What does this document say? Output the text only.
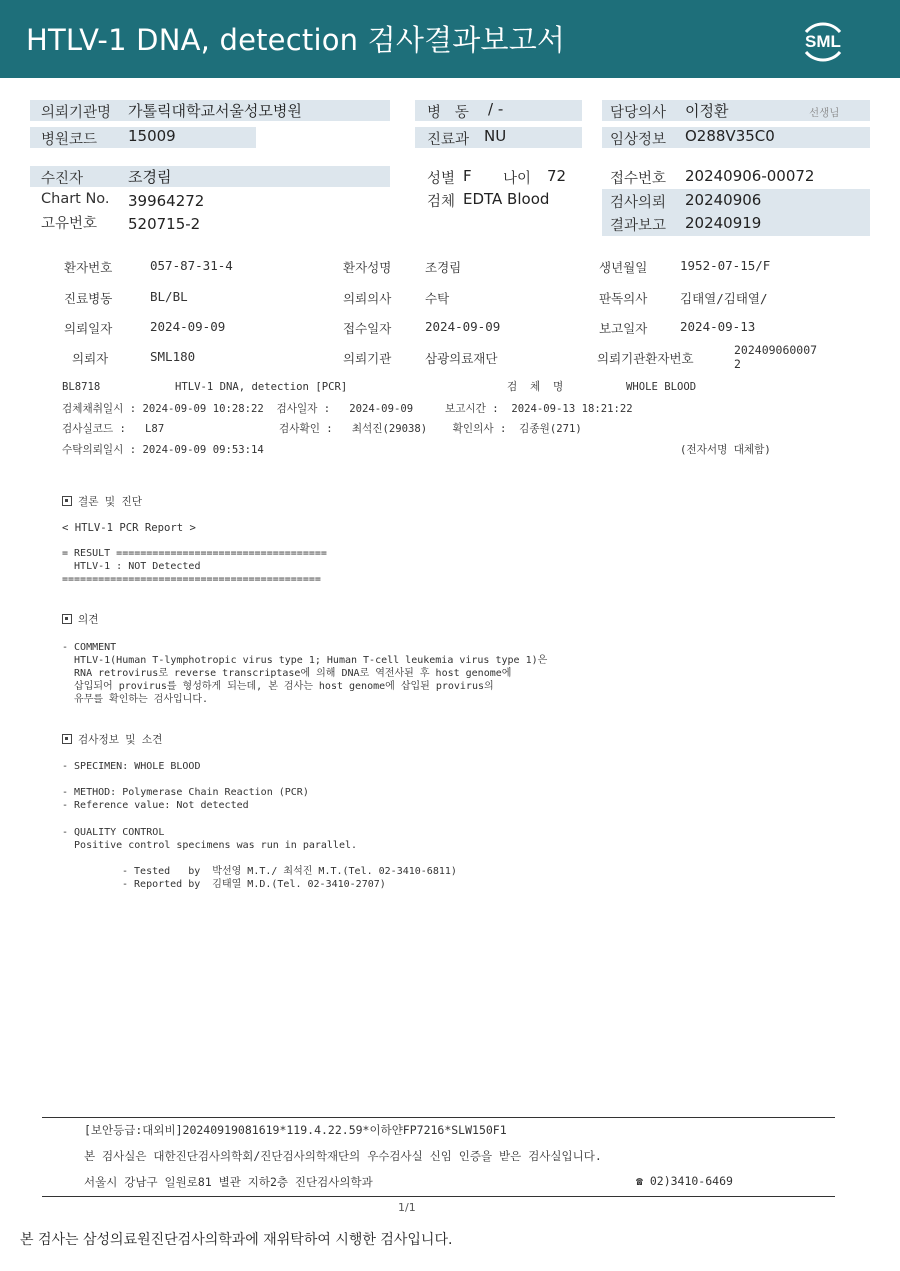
HTLV-1 DNA, detection 검사결과보고서	SML
의뢰기관명 가톨릭대학교서울성모병원
병원코드 15009
병   동 / -
진료과 NU
담당의사 이정환	선생님
임상정보 O288V35C0
수진자	조경림
Chart No. 39964272
고유번호 520715-2
성별 F 나이 72
검체 EDTA Blood
접수번호 20240906-00072
검사의뢰 20240906
결과보고 20240919
환자번호	057-87-31-4	환자성명	조경림	생년월일	1952-07-15/F
진료병동	BL/BL	의뢰의사	수탁	판독의사	김태열/김태열/
의뢰일자	2024-09-09	접수일자	2024-09-09	보고일자	2024-09-13
의뢰자	SML180	의뢰기관	삼광의료재단	의뢰기관환자번호
202409060007
2
BL8718	HTLV-1 DNA, detection [PCR]	검  체  명	WHOLE BLOOD
검체채취일시 : 2024-09-09 10:28:22  검사일자 :   2024-09-09     보고시간 :  2024-09-13 18:21:22
검사실코드 :   L87                  검사확인 :   최석진(29038)    확인의사 :  김종원(271)
수탁의뢰일시 : 2024-09-09 09:53:14	(전자서명 대체함)
결론 및 진단
< HTLV-1 PCR Report >
= RESULT ===================================
HTLV-1 : NOT Detected
===========================================
의견
- COMMENT
HTLV-1(Human T-lymphotropic virus type 1; Human T-cell leukemia virus type 1)은
RNA retrovirus로 reverse transcriptase에 의해 DNA로 역전사된 후 host genome에
삽입되어 provirus를 형성하게 되는데, 본 검사는 host genome에 삽입된 provirus의
유무를 확인하는 검사입니다.
검사정보 및 소견
- SPECIMEN: WHOLE BLOOD
- METHOD: Polymerase Chain Reaction (PCR)
- Reference value: Not detected
- QUALITY CONTROL
Positive control specimens was run in parallel.
- Tested   by  박선영 M.T./ 최석진 M.T.(Tel. 02-3410-6811)
- Reported by  김태열 M.D.(Tel. 02-3410-2707)
[보안등급:대외비]20240919081619*119.4.22.59*이하얀FP7216*SLW150F1
본 검사실은 대한진단검사의학회/진단검사의학재단의 우수검사실 신임 인증을 받은 검사실입니다.
서울시 강남구 일원로81 별관 지하2층 진단검사의학과	☎ 02)3410-6469
1/1
본 검사는 삼성의료원진단검사의학과에 재위탁하여 시행한 검사입니다.
